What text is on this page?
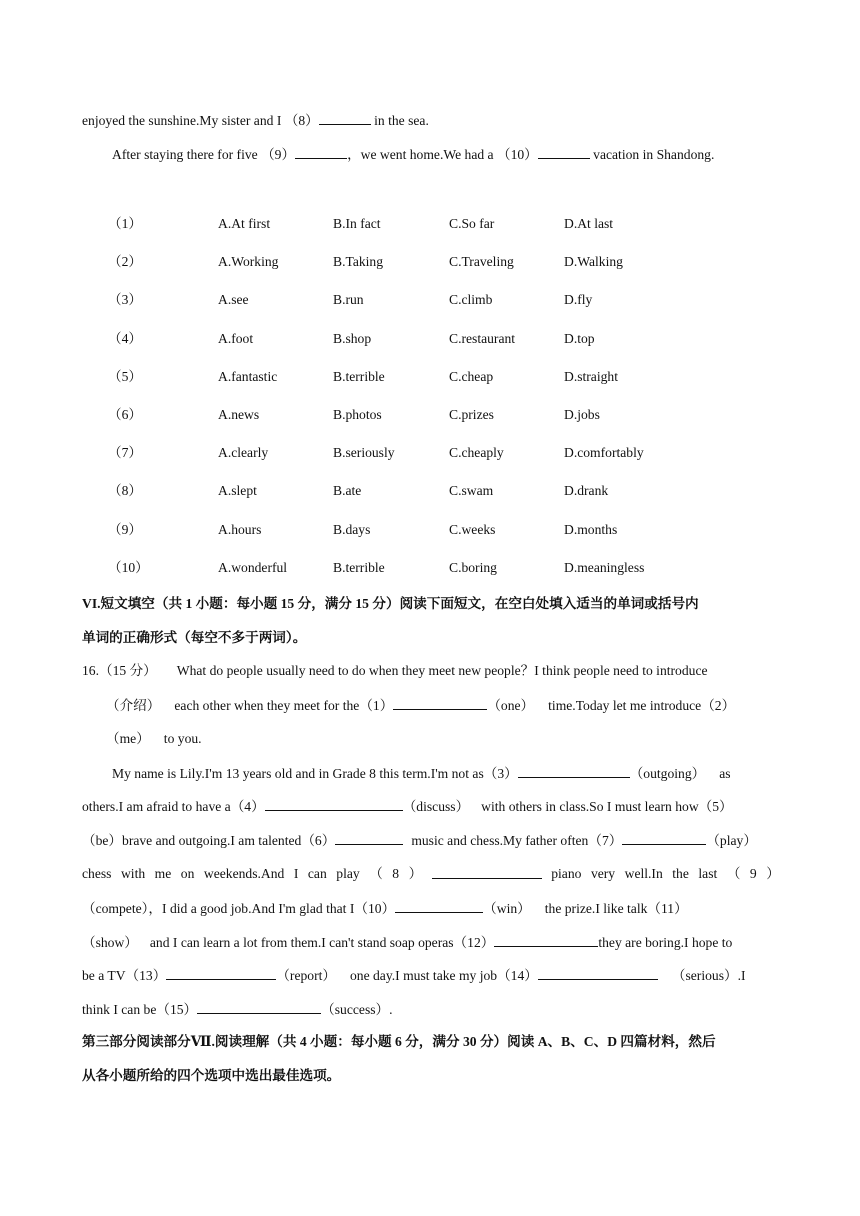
enjoyed the sunshine.My sister and I （8）	in the sea.
After staying there for five （9）	，we went home.We had a （10）	vacation in Shandong.
（1）	A.At first	B.In fact	C.So far	D.At last
（2）	A.Working	B.Taking	C.Traveling	D.Walking
（3）	A.see	B.run	C.climb	D.fly
（4）	A.foot	B.shop	C.restaurant	D.top
（5）	A.fantastic	B.terrible	C.cheap	D.straight
（6）	A.news	B.photos	C.prizes	D.jobs
（7）	A.clearly	B.seriously	C.cheaply	D.comfortably
（8）	A.slept	B.ate	C.swam	D.drank
（9）	A.hours	B.days	C.weeks	D.months
（10）	A.wonderful	B.terrible	C.boring	D.meaningless
VI.短文填空（共 1 小题：每小题 15 分，满分 15 分）阅读下面短文，在空白处填入适当的单词或括号内
单词的正确形式（每空不多于两词）。
16.（15 分） What do people usually need to do when they meet new people？I think people need to introduce
（介绍） each other when they meet for the（1）	（one） time.Today let me introduce（2）
（me） to you.
My name is Lily.I'm 13 years old and in Grade 8 this term.I'm not as（3）	（outgoing） as
others.I am afraid to have a（4）	（discuss） with others in class.So I must learn how（5）
（be）brave and outgoing.I am talented（6）	music and chess.My father often（7）	（play）
chess with me on weekends.And I can play （ 8 ）	piano very well.In the last （ 9 ）
（compete），I did a good job.And I'm glad that I（10）	（win） the prize.I like talk（11）
（show） and I can learn a lot from them.I can't stand soap operas（12）	they are boring.I hope to
be a TV（13）	（report） one day.I must take my job（14）	（serious）.I
think I can be（15）	（success）.
第三部分阅读部分Ⅶ.阅读理解（共 4 小题：每小题 6 分，满分 30 分）阅读 A、B、C、D 四篇材料，然后
从各小题所给的四个选项中选出最佳选项。
